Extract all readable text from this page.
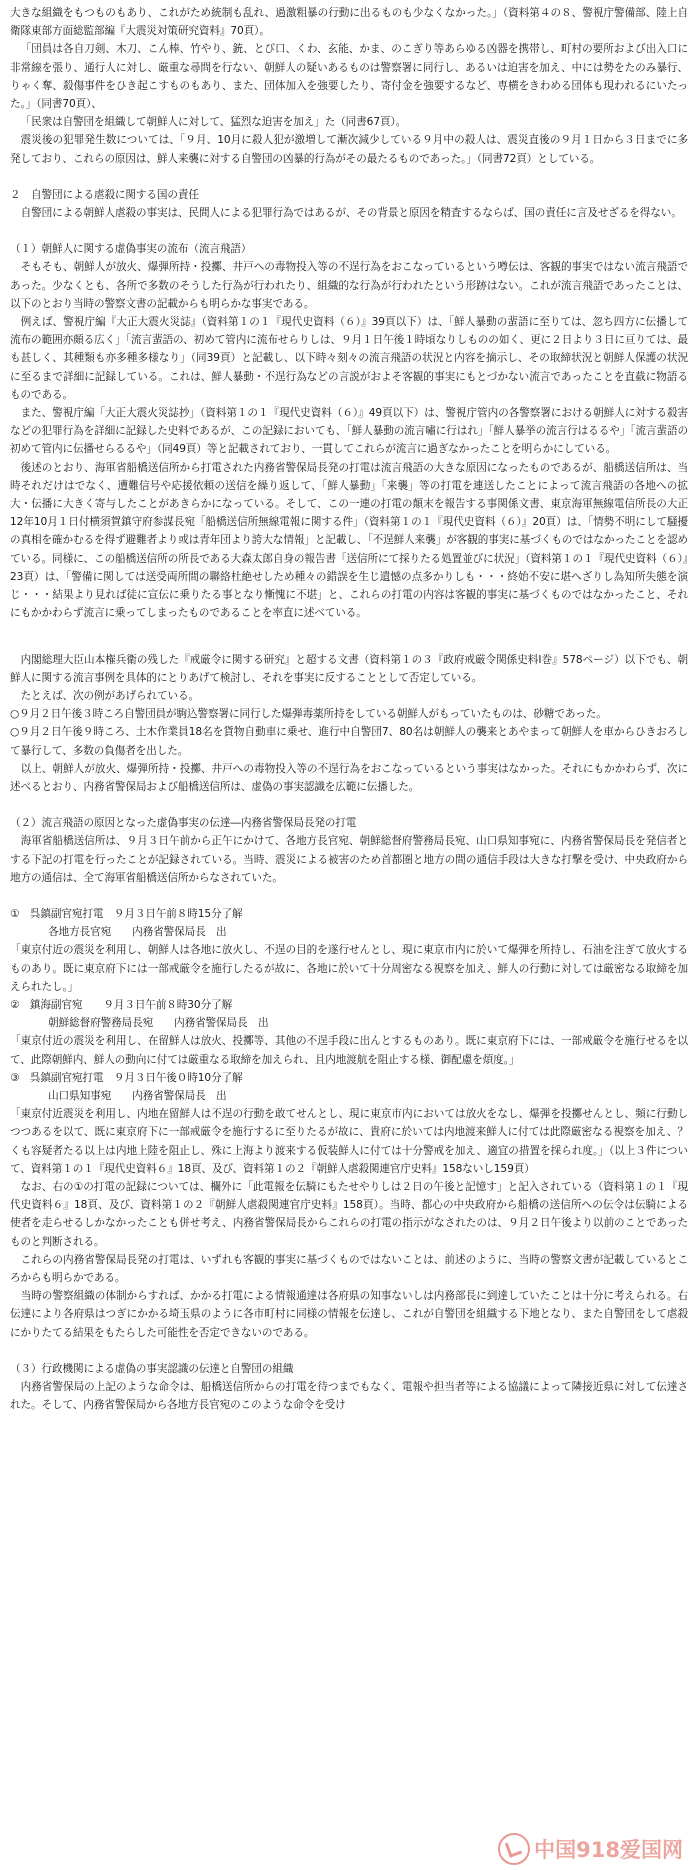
大きな組織をもつものもあり、これがため統制も乱れ、過激粗暴の行動に出るものも少なくなかった。」（資料第４の８、警視庁警備部、陸上自衛隊東部方面総監部編『大震災対策研究資料』70頁）。

「団員は各自刀剣、木刀、こん棒、竹やり、銃、とび口、くわ、玄能、かま、のこぎり等あらゆる凶器を携帯し、町村の要所および出入口に非常線を張り、通行人に対し、厳重な尋問を行ない、朝鮮人の疑いあるものは警察署に同行し、あるいは迫害を加え、中には勢をたのみ暴行、りゃく奪、殺傷事件をひき起こすものもあり、また、団体加入を強要したり、寄付金を強要するなど、専横をきわめる団体も現われるにいたった。」（同書70頁）、

「民衆は自警団を組織して朝鮮人に対して、猛烈な迫害を加え」た（同書67頁）。

震災後の犯罪発生数については、「９月、10月に殺人犯が激増して漸次減少している９月中の殺人は、震災直後の９月１日から３日までに多発しており、これらの原因は、鮮人来襲に対する自警団の凶暴的行為がその最たるものであった。」（同書72頁）としている。

２　自警団による虐殺に関する国の責任

自警団による朝鮮人虐殺の事実は、民間人による犯罪行為ではあるが、その背景と原因を精査するならば、国の責任に言及せざるを得ない。

（１）朝鮮人に関する虚偽事実の流布（流言飛語）

そもそも、朝鮮人が放火、爆弾所持・投擲、井戸への毒物投入等の不逞行為をおこなっているという噂伝は、客観的事実ではない流言飛語であった。少なくとも、各所で多数のそうした行為が行われたり、組織的な行為が行われたという形跡はない。これが流言飛語であったことは、以下のとおり当時の警察文書の記載からも明らかな事実である。

例えば、警視庁編『大正大震火災誌』（資料第１の１『現代史資料（６）』39頁以下）は、「鮮人暴動の蜚語に至りては、忽ち四方に伝播して流布の範囲亦頗る広く」「流言蜚語の、初めて管内に流布せらりしは、９月１日午後１時頃なりしものの如く、更に２日より３日に亘りては、最も甚しく、其種類も亦多種多様なり」（同39頁）と記載し、以下時々刻々の流言飛語の状況と内容を摘示し、その取締状況と朝鮮人保護の状況に至るまで詳細に記録している。これは、鮮人暴動・不逞行為などの言説がおよそ客観的事実にもとづかない流言であったことを直截に物語るものである。

また、警視庁編「大正大震火災誌抄」（資料第１の１『現代史資料（６）』49頁以下）は、警視庁管内の各警察署における朝鮮人に対する殺害などの犯罪行為を詳細に記録した史料であるが、この記録においても、「鮮人暴動の流言嘯に行はれ」「鮮人暴挙の流言行はるるや」「流言蜚語の初めて管内に伝播せらるるや」（同49頁）等と記載されており、一貫してこれらが流言に過ぎなかったことを明らかにしている。

後述のとおり、海軍省船橋送信所から打電された内務省警保局長発の打電は流言飛語の大きな原因になったものであるが、船橋送信所は、当時それだけはでなく、遭難信号や応援依頼の送信を繰り返して、「鮮人暴動」「来襲」等の打電を連送したことによって流言飛語の各地への拡大・伝播に大きく寄与したことがあきらかになっている。そして、この一連の打電の顛末を報告する事関係文書、東京海軍無線電信所長の大正12年10月１日付横須賀鎮守府参謀長宛「船橋送信所無線電報に関する件」（資料第１の１『現代史資料（６）』20頁）は、「情勢不明にして騒擾の真相を確かむるを得ず避難者より或は青年団より誇大な情報」と記載し、「不逞鮮人来襲」が客観的事実に基づくものではなかったことを認めている。同様に、この船橋送信所の所長である大森太郎自身の報告書「送信所にて採りたる処置並びに状況」（資料第１の１『現代史資料（６）』23頁）は、「警備に関しては送受両所間の聯絡杜絶せしため種々の錯誤を生じ遺憾の点多かりしも・・・終始不安に堪へざりし為知所失態を演じ・・・結果より見れば徒に宣伝に乗りたる事となり慚愧に不堪」と、これらの打電の内容は客観的事実に基づくものではなかったこと、それにもかかわらず流言に乗ってしまったものであることを率直に述べている。

内閣総理大臣山本権兵衛の残した『戒厳令に関する研究』と超する文書（資料第１の３『政府戒厳令関係史料Ⅰ巻』578ページ）以下でも、朝鮮人に関する流言事例を具体的にとりあげて検討し、それを事実に反することとして否定している。

たとえば、次の例があげられている。

○９月２日午後３時ころ自警団員が駒込警察署に同行した爆弾毒薬所持をしている朝鮮人がもっていたものは、砂糖であった。

○９月２日午後９時ころ、土木作業員18名を貨物自動車に乗せ、進行中自警団7、80名は朝鮮人の襲来とあやまって朝鮮人を車からひきおろして暴行して、多数の負傷者を出した。

以上、朝鮮人が放火、爆弾所持・投擲、井戸への毒物投入等の不逞行為をおこなっているという事実はなかった。それにもかかわらず、次に述べるとおり、内務省警保局および船橋送信所は、虚偽の事実認識を広範に伝播した。

（２）流言飛語の原因となった虚偽事実の伝達―内務省警保局長発の打電

海軍省船橋送信所は、９月３日午前から正午にかけて、各地方長官宛、朝鮮総督府警務局長宛、山口県知事宛に、内務省警保局長を発信者とする下記の打電を行ったことが記録されている。当時、震災による被害のため首都圏と地方の間の通信手段は大きな打撃を受け、中央政府から地方の通信は、全て海軍省船橋送信所からなされていた。

①　呉鎮副官宛打電　９月３日午前８時15分了解

各地方長官宛　　内務省警保局長　出

「東京付近の震災を利用し、朝鮮人は各地に放火し、不逞の目的を遂行せんとし、現に東京市内に於いて爆弾を所持し、石油を注ぎて放火するものあり。既に東京府下には一部戒厳令を施行したるが故に、各地に於いて十分周密なる視察を加え、鮮人の行動に対しては厳密なる取締を加えられたし。」

②　鎮海副官宛　　９月３日午前８時30分了解

朝鮮総督府警務局長宛　　内務省警保局長　出

「東京付近の震災を利用し、在留鮮人は放火、投擲等、其他の不逞手段に出んとするものあり。既に東京府下には、一部戒厳令を施行せるを以て、此際朝鮮内、鮮人の動向に付ては厳重なる取締を加えられ、且内地渡航を阻止する様、御配慮を煩度。」

③　呉鎮副官宛打電　９月３日午後０時10分了解

山口県知事宛　　内務省警保局長　出

「東京付近震災を利用し、内地在留鮮人は不逞の行動を敢てせんとし、現に東京市内においては放火をなし、爆弾を投擲せんとし、頻に行動しつつあるを以て、既に東京府下に一部戒厳令を施行するに至りたるが故に、貴府に於いては内地渡来鮮人に付ては此際厳密なる視察を加え、？くも容疑者たる以上は内地上陸を阻止し、殊に上海より渡来する仮装鮮人に付ては十分警戒を加え、適宜の措置を採られ度。」（以上３件について、資料第１の１『現代史資料６』18頁、及び、資料第１の２『朝鮮人虐殺関連官庁史料』158ないし159頁）

なお、右の①の打電の記録については、欄外に「此電報を伝騎にもたせやりしは２日の午後と記憶す」と記入されている（資料第１の１『現代史資料６』18頁、及び、資料第１の２『朝鮮人虐殺関連官庁史料』158頁）。当時、都心の中央政府から船橋の送信所への伝令は伝騎による使者を走らせるしかなかったことも併せ考え、内務省警保局長からこれらの打電の指示がなされたのは、９月２日午後より以前のことであったものと判断される。

これらの内務省警保局長発の打電は、いずれも客観的事実に基づくものではないことは、前述のように、当時の警察文書が記載しているところからも明らかである。

当時の警察組織の体制からすれば、かかる打電による情報通達は各府県の知事ないしは内務部長に到達していたことは十分に考えられる。右伝達により各府県はつぎにかかる埼玉県のように各市町村に同様の情報を伝達し、これが自警団を組織する下地となり、また自警団をして虐殺にかりたてる結果をもたらした可能性を否定できないのである。

（３）行政機関による虚偽の事実認識の伝達と自警団の組織

内務省警保局の上記のような命令は、船橋送信所からの打電を待つまでもなく、電報や担当者等による協議によって隣接近県に対して伝達された。そして、内務省警保局から各地方長官宛のこのような命令を受け

中国918爱国网
